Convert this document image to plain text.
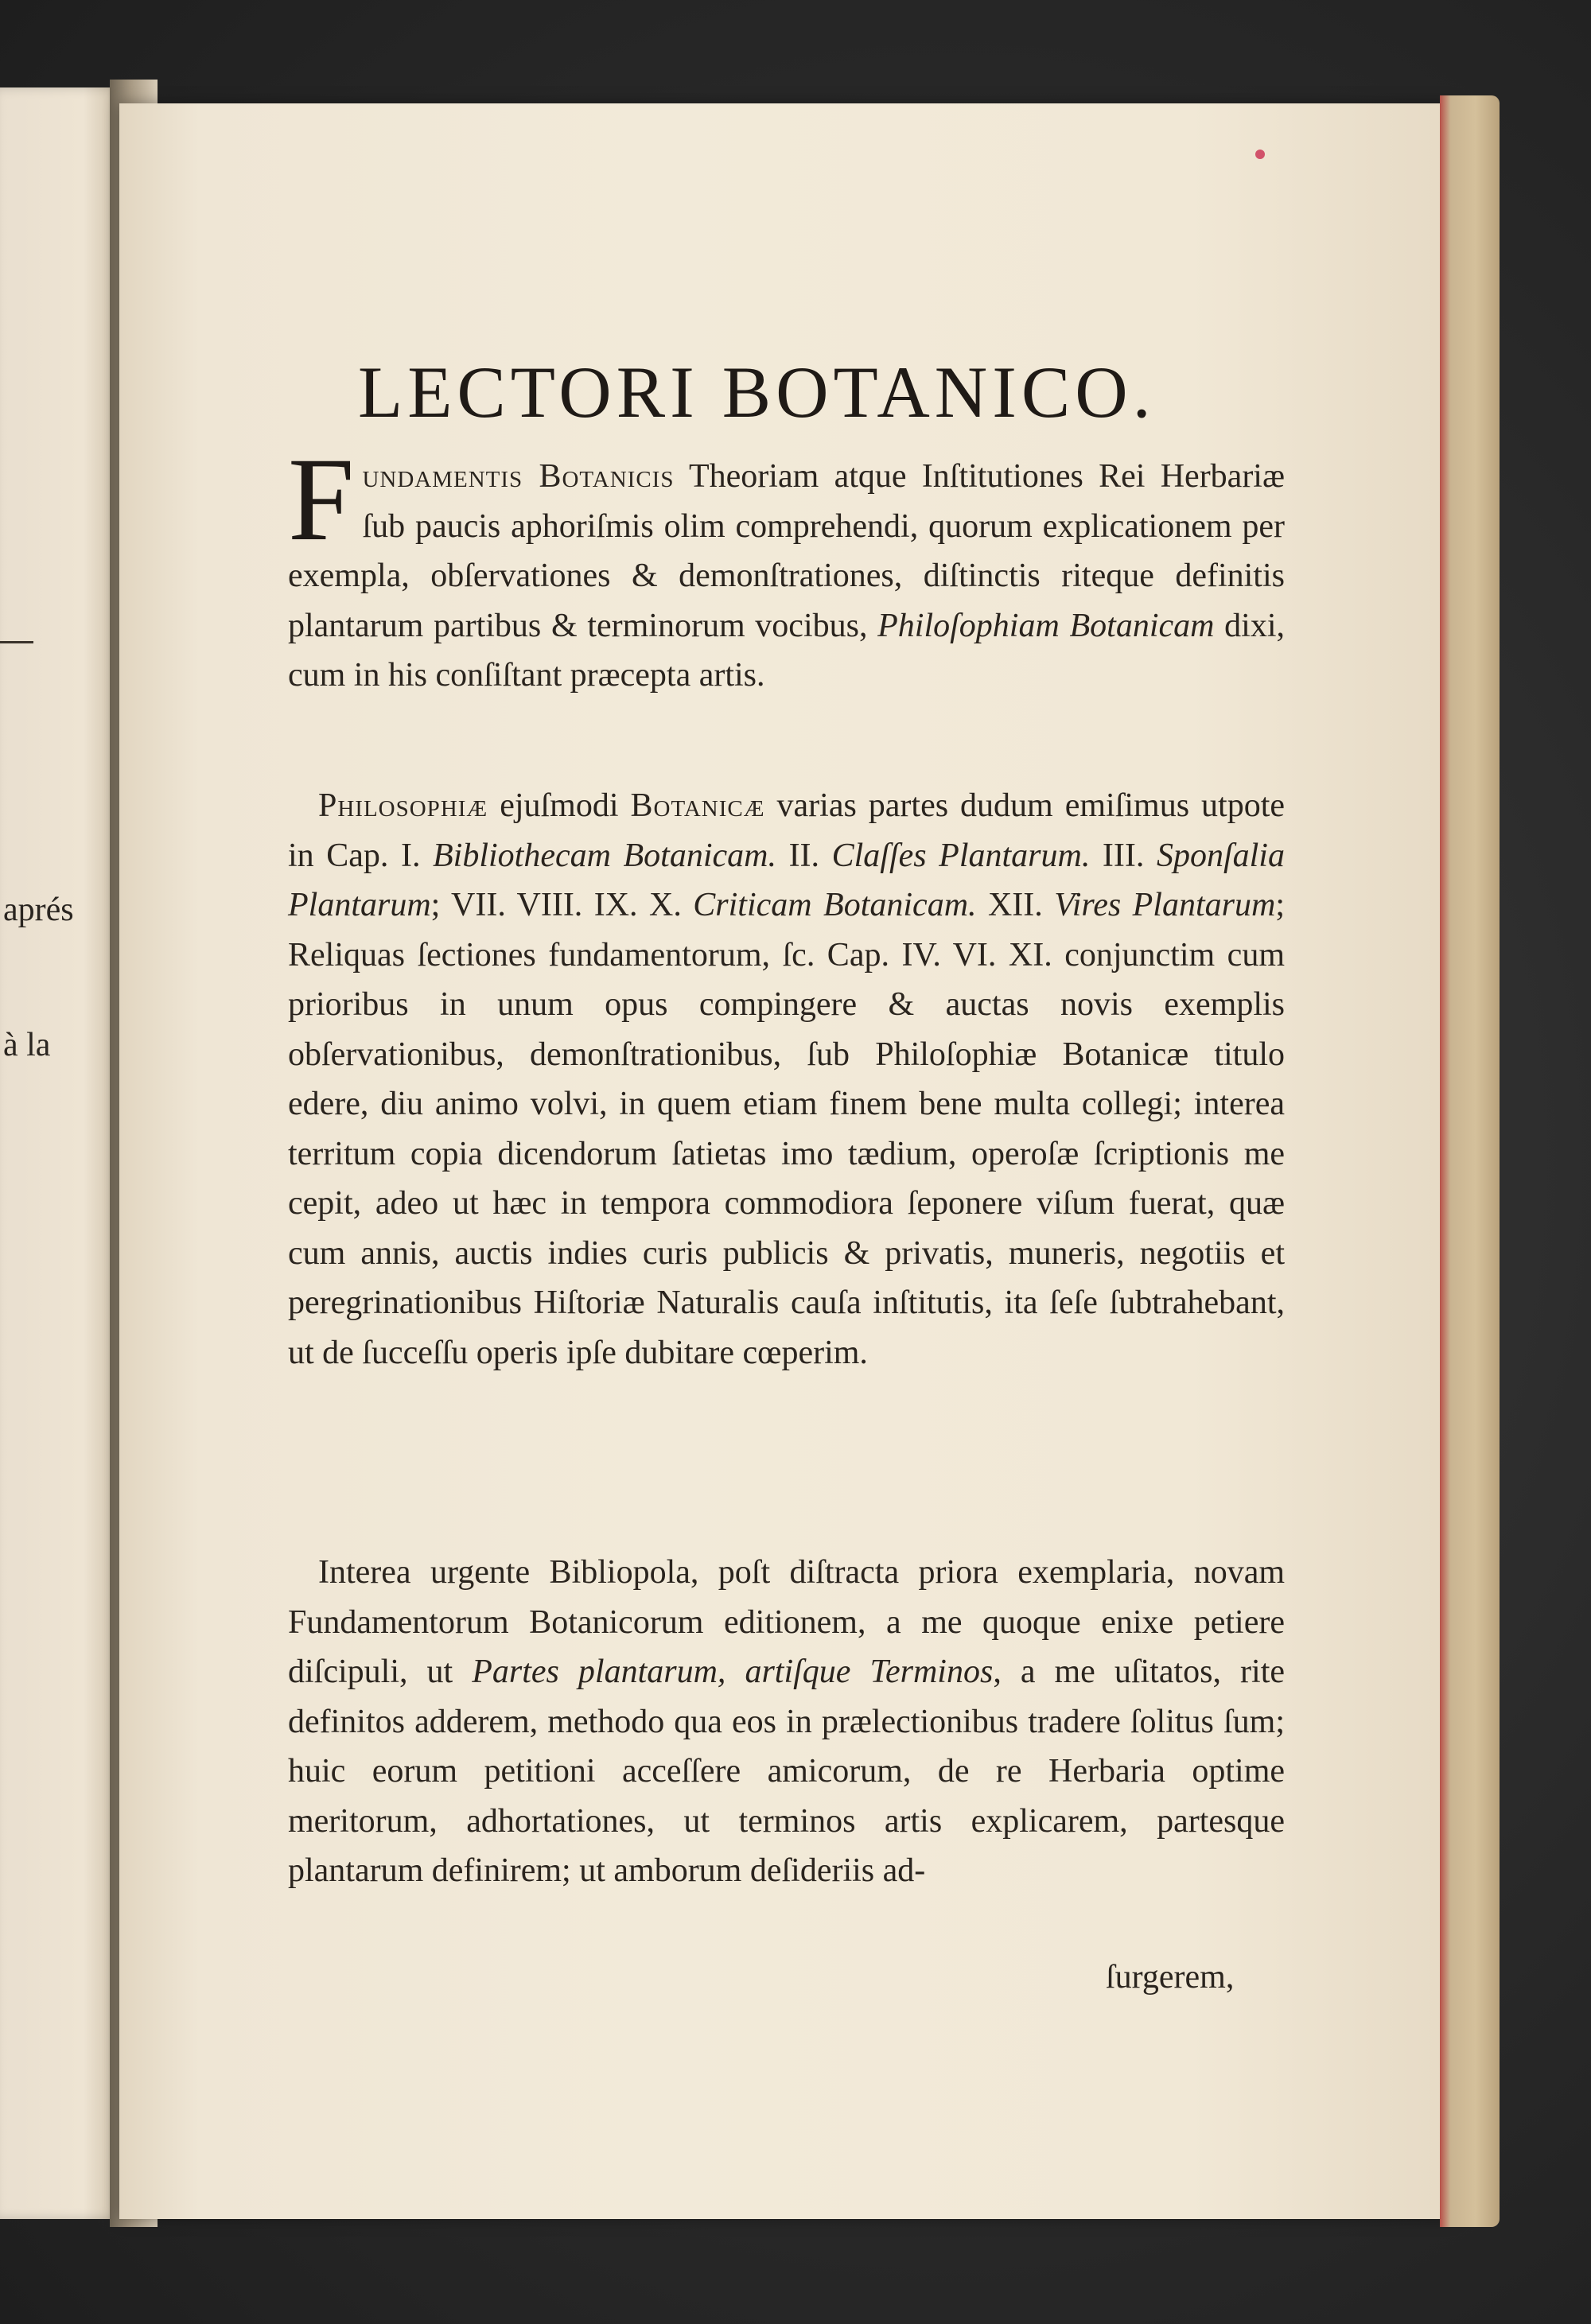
aprés
à la
LECTORI BOTANICO.
Fundamentis Botanicis Theoriam atque Inſtitutiones Rei Herbariæ ſub paucis aphoriſmis olim comprehendi, quorum explicationem per exempla, obſervationes & demonſtrationes, diſtinctis riteque definitis plantarum partibus & terminorum vocibus, Philoſophiam Botanicam dixi, cum in his conſiſtant præcepta artis.
Philosophiæ ejuſmodi Botanicæ varias partes dudum emiſimus utpote in Cap. I. Bibliothecam Botanicam. II. Claſſes Plantarum. III. Sponſalia Plantarum; VII. VIII. IX. X. Criticam Botanicam. XII. Vires Plantarum; Reliquas ſectiones fundamentorum, ſc. Cap. IV. VI. XI. conjunctim cum prioribus in unum opus compingere & auctas novis exemplis obſervationibus, demonſtrationibus, ſub Philoſophiæ Botanicæ titulo edere, diu animo volvi, in quem etiam finem bene multa collegi; interea territum copia dicendorum ſatietas imo tædium, operoſæ ſcriptionis me cepit, adeo ut hæc in tempora commodiora ſeponere viſum fuerat, quæ cum annis, auctis indies curis publicis & privatis, muneris, negotiis et peregrinationibus Hiſtoriæ Naturalis cauſa inſtitutis, ita ſeſe ſubtrahebant, ut de ſucceſſu operis ipſe dubitare cœperim.
Interea urgente Bibliopola, poſt diſtracta priora exemplaria, novam Fundamentorum Botanicorum editionem, a me quoque enixe petiere diſcipuli, ut Partes plantarum, artiſque Terminos, a me uſitatos, rite definitos adderem, methodo qua eos in prælectionibus tradere ſolitus ſum; huic eorum petitioni acceſſere amicorum, de re Herbaria optime meritorum, adhortationes, ut terminos artis explicarem, partesque plantarum definirem; ut amborum deſideriis ad-
ſurgerem,
